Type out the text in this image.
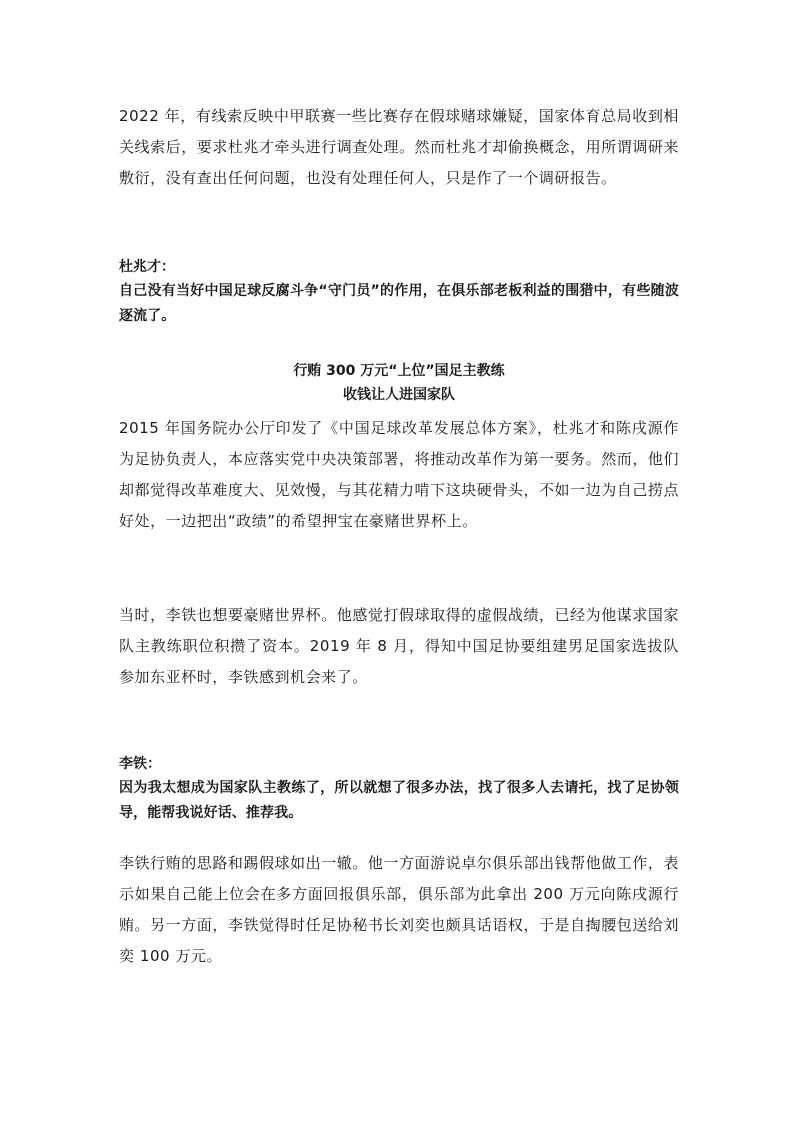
2022 年，有线索反映中甲联赛一些比赛存在假球赌球嫌疑，国家体育总局收到相关线索后，要求杜兆才牵头进行调查处理。然而杜兆才却偷换概念，用所谓调研来敷衍，没有查出任何问题，也没有处理任何人，只是作了一个调研报告。

杜兆才：

自己没有当好中国足球反腐斗争“守门员”的作用，在俱乐部老板利益的围猎中，有些随波逐流了。

行贿 300 万元“上位”国足主教练
收钱让人进国家队

2015 年国务院办公厅印发了《中国足球改革发展总体方案》，杜兆才和陈戌源作为足协负责人，本应落实党中央决策部署，将推动改革作为第一要务。然而，他们却都觉得改革难度大、见效慢，与其花精力啃下这块硬骨头，不如一边为自己捞点好处，一边把出“政绩”的希望押宝在豪赌世界杯上。

当时，李铁也想要豪赌世界杯。他感觉打假球取得的虚假战绩，已经为他谋求国家队主教练职位积攒了资本。2019 年 8 月，得知中国足协要组建男足国家选拔队参加东亚杯时，李铁感到机会来了。

李铁：

因为我太想成为国家队主教练了，所以就想了很多办法，找了很多人去请托，找了足协领导，能帮我说好话、推荐我。

李铁行贿的思路和踢假球如出一辙。他一方面游说卓尔俱乐部出钱帮他做工作，表示如果自己能上位会在多方面回报俱乐部，俱乐部为此拿出 200 万元向陈戌源行贿。另一方面，李铁觉得时任足协秘书长刘奕也颇具话语权，于是自掏腰包送给刘奕 100 万元。
